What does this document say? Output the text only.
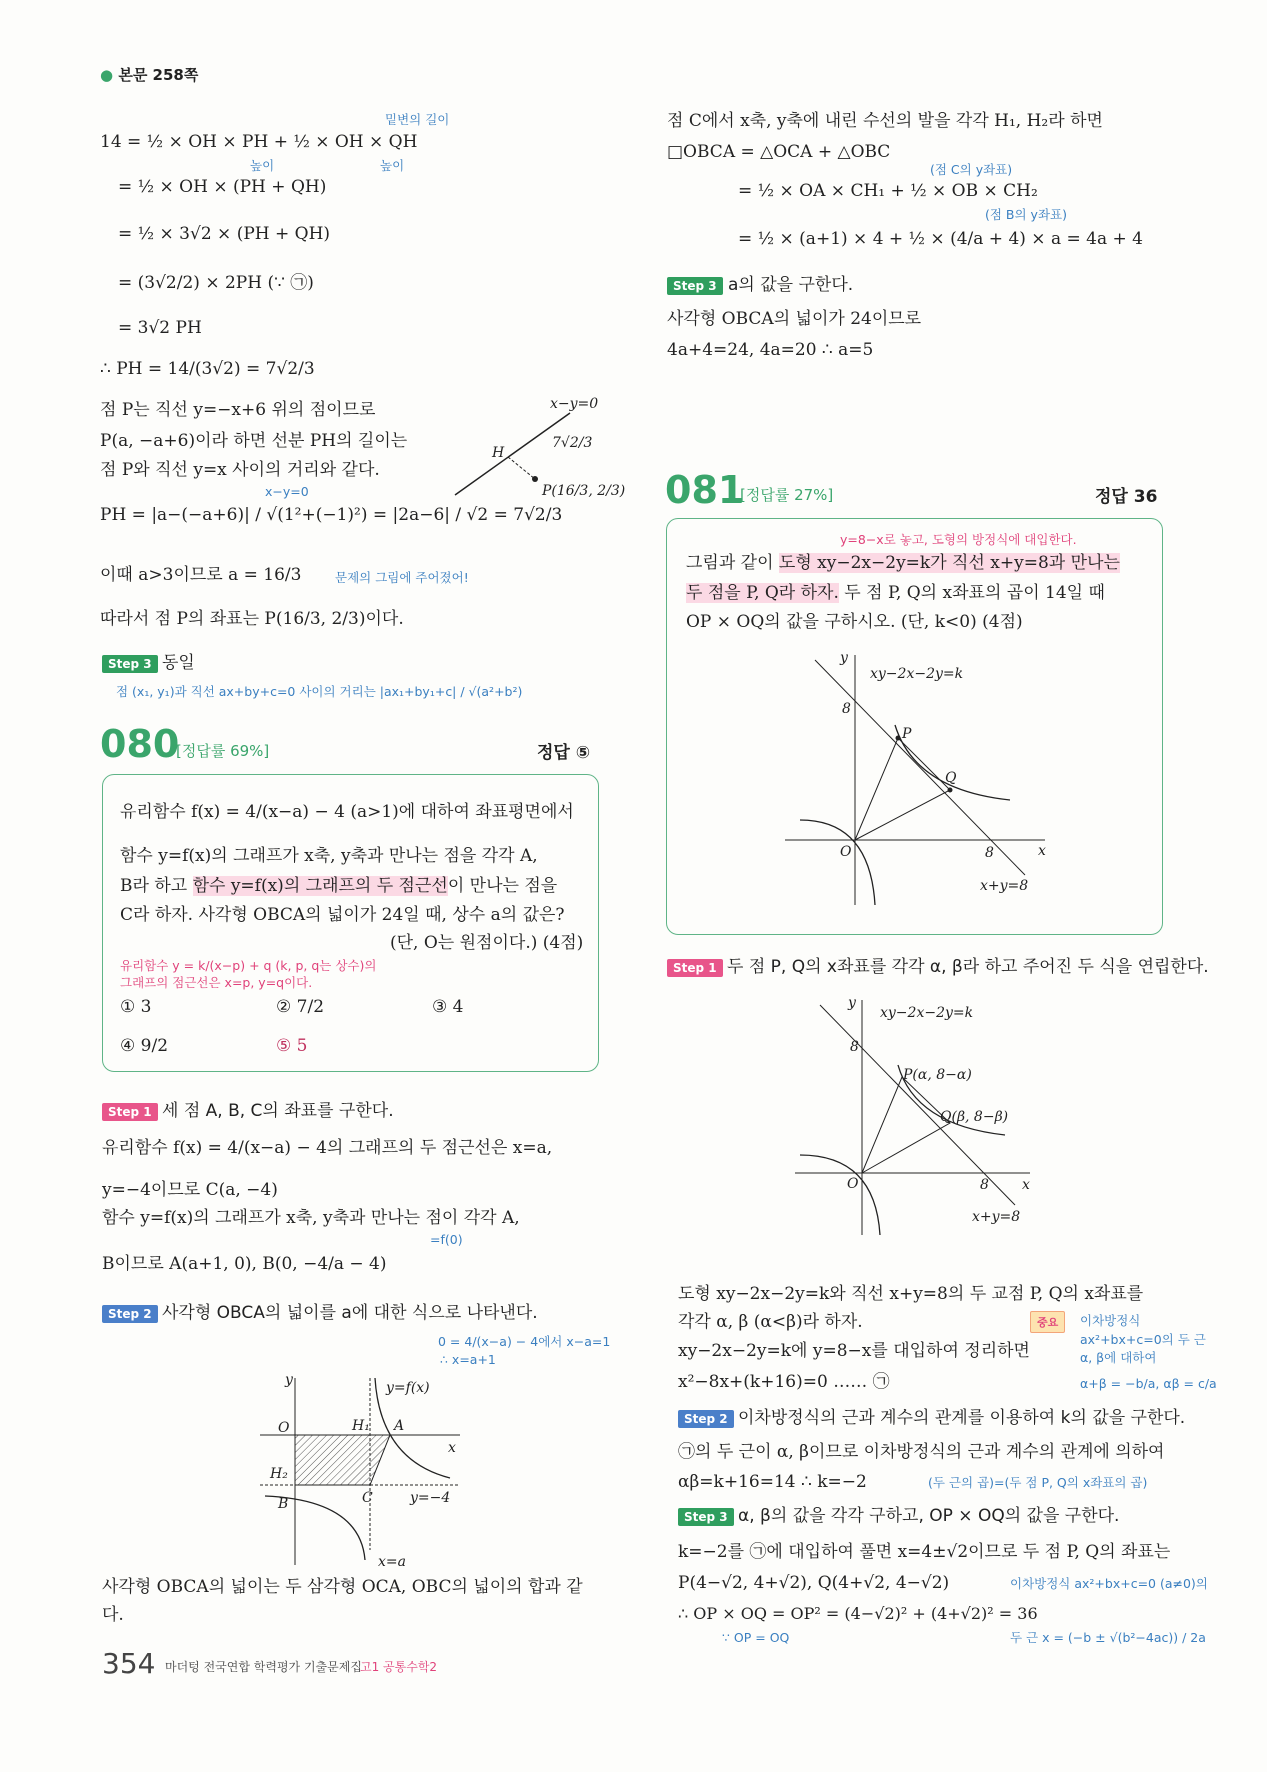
● 본문 258쪽
14 = ½ × OH × PH + ½ × OH × QH
밑변의 길이
높이	높이
= ½ × OH × (PH + QH)
= ½ × 3√2 × (PH + QH)
= (3√2/2) × 2PH (∵ ㉠)
= 3√2 PH
∴ PH = 14/(3√2) = 7√2/3
점 P는 직선 y=−x+6 위의 점이므로
P(a, −a+6)이라 하면 선분 PH의 길이는
점 P와 직선 y=x 사이의 거리와 같다.
x−y=0
PH = |a−(−a+6)| / √(1²+(−1)²) = |2a−6| / √2 = 7√2/3
이때 a>3이므로 a = 16/3	문제의 그림에 주어졌어!
따라서 점 P의 좌표는 P(16/3, 2/3)이다.
Step 3 동일
점 (x₁, y₁)과 직선 ax+by+c=0 사이의 거리는 |ax₁+by₁+c| / √(a²+b²)
x−y=0
H
7√2/3
P(16/3, 2/3)
080
[정답률 69%]	정답 ⑤
유리함수 f(x) = 4/(x−a) − 4 (a>1)에 대하여 좌표평면에서
함수 y=f(x)의 그래프가 x축, y축과 만나는 점을 각각 A,
B라 하고 함수 y=f(x)의 그래프의 두 점근선이 만나는 점을
C라 하자. 사각형 OBCA의 넓이가 24일 때, 상수 a의 값은?
(단, O는 원점이다.) (4점)
유리함수 y = k/(x−p) + q (k, p, q는 상수)의
그래프의 점근선은 x=p, y=q이다.
① 3	② 7/2	③ 4
④ 9/2	⑤ 5
Step 1 세 점 A, B, C의 좌표를 구한다.
유리함수 f(x) = 4/(x−a) − 4의 그래프의 두 점근선은 x=a,
y=−4이므로 C(a, −4)
함수 y=f(x)의 그래프가 x축, y축과 만나는 점이 각각 A,
=f(0)
B이므로 A(a+1, 0), B(0, −4/a − 4)
Step 2 사각형 OBCA의 넓이를 a에 대한 식으로 나타낸다.
0 = 4/(x−a) − 4에서 x−a=1
∴ x=a+1
y
x
O	H₁
H₂
A
B	C
y=f(x)
y=−4
x=a
사각형 OBCA의 넓이는 두 삼각형 OCA, OBC의 넓이의 합과 같
다.
354 마더텅 전국연합 학력평가 기출문제집
고1 공통수학2
점 C에서 x축, y축에 내린 수선의 발을 각각 H₁, H₂라 하면
□OBCA = △OCA + △OBC
(점 C의 y좌표)
= ½ × OA × CH₁ + ½ × OB × CH₂
(점 B의 y좌표)
= ½ × (a+1) × 4 + ½ × (4/a + 4) × a = 4a + 4
Step 3 a의 값을 구한다.
사각형 OBCA의 넓이가 24이므로
4a+4=24, 4a=20 ∴ a=5
081
[정답률 27%]	정답 36
y=8−x로 놓고, 도형의 방정식에 대입한다.
그림과 같이 도형 xy−2x−2y=k가 직선 x+y=8과 만나는
두 점을 P, Q라 하자. 두 점 P, Q의 x좌표의 곱이 14일 때
OP × OQ의 값을 구하시오. (단, k<0) (4점)
y
x
O
8
8
xy−2x−2y=k
x+y=8
P
Q
Step 1 두 점 P, Q의 x좌표를 각각 α, β라 하고 주어진 두 식을 연립한다.
y
x
O
8
8
xy−2x−2y=k
x+y=8
P(α, 8−α)
Q(β, 8−β)
도형 xy−2x−2y=k와 직선 x+y=8의 두 교점 P, Q의 x좌표를
각각 α, β (α<β)라 하자.
xy−2x−2y=k에 y=8−x를 대입하여 정리하면
x²−8x+(k+16)=0 …… ㉠
중요	이차방정식
ax²+bx+c=0의 두 근
α, β에 대하여
α+β = −b/a, αβ = c/a
Step 2 이차방정식의 근과 계수의 관계를 이용하여 k의 값을 구한다.
㉠의 두 근이 α, β이므로 이차방정식의 근과 계수의 관계에 의하여
αβ=k+16=14 ∴ k=−2	(두 근의 곱)=(두 점 P, Q의 x좌표의 곱)
Step 3 α, β의 값을 각각 구하고, OP × OQ의 값을 구한다.
k=−2를 ㉠에 대입하여 풀면 x=4±√2이므로 두 점 P, Q의 좌표는
P(4−√2, 4+√2), Q(4+√2, 4−√2)	이차방정식 ax²+bx+c=0 (a≠0)의
∴ OP × OQ = OP² = (4−√2)² + (4+√2)² = 36
두 근 x = (−b ± √(b²−4ac)) / 2a
∵ OP = OQ
